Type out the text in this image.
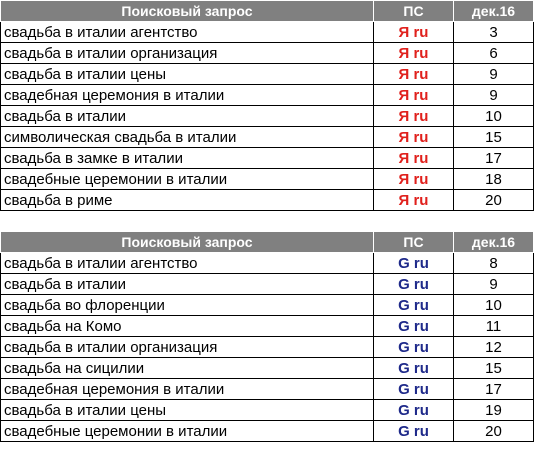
Поисковый запрос	ПС	дек.16
свадьба в италии агентство	Я ru	3
свадьба в италии организация	Я ru	6
свадьба в италии цены	Я ru	9
свадебная церемония в италии	Я ru	9
свадьба в италии	Я ru	10
символическая свадьба в италии	Я ru	15
свадьба в замке в италии	Я ru	17
свадебные церемонии в италии	Я ru	18
свадьба в риме	Я ru	20
Поисковый запрос	ПС	дек.16
свадьба в италии агентство	G ru	8
свадьба в италии	G ru	9
свадьба во флоренции	G ru	10
свадьба на Комо	G ru	11
свадьба в италии организация	G ru	12
свадьба на сицилии	G ru	15
свадебная церемония в италии	G ru	17
свадьба в италии цены	G ru	19
свадебные церемонии в италии	G ru	20
